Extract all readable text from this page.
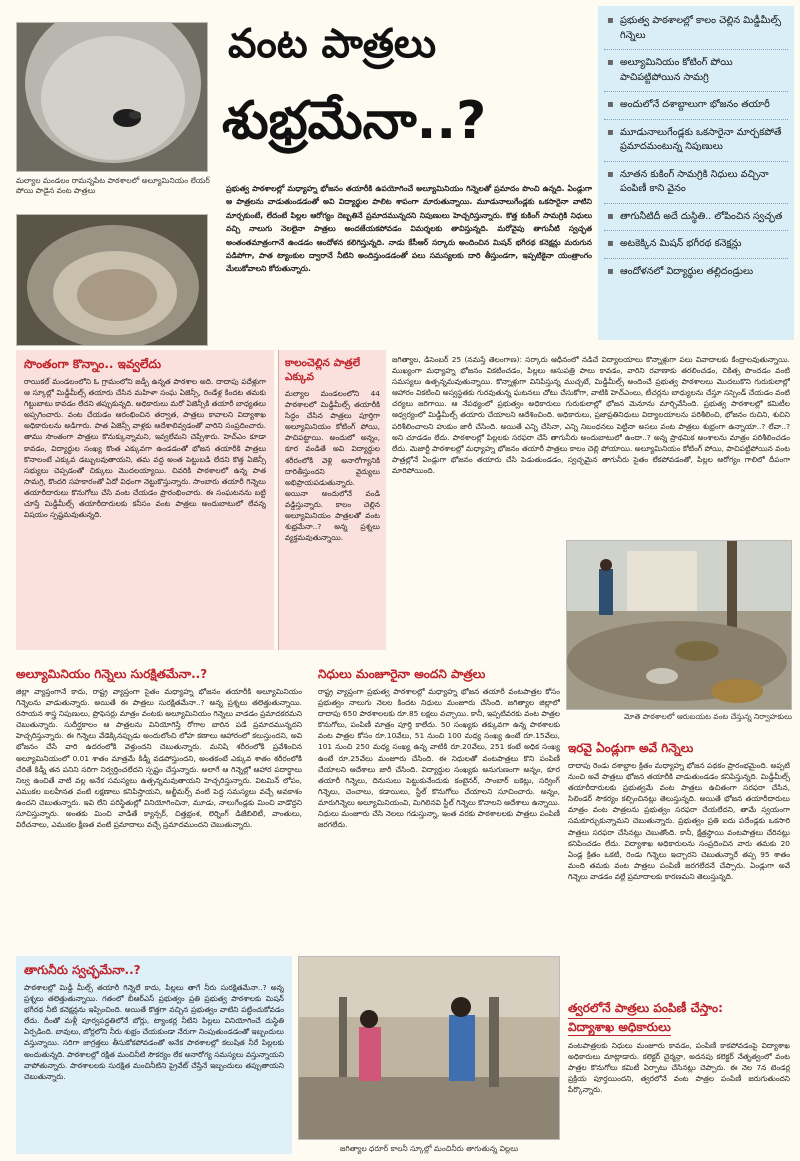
మల్యాల మండలం రామన్నపేట పాఠశాలలో అల్యూమినియం లేయర్ పోయి పాడైన వంట పాత్రలు
వంట పాత్రలు
శుభ్రమేనా..?
▪ ప్రభుత్వ పాఠశాలల్లో కాలం చెల్లిన మిడ్డీమీల్స్ గిన్నెలు
▪ అల్యూమినియం కోటింగ్ పోయి పాచిపట్టిపోయిన సామగ్రి
▪ అందులోనే దశాబ్దాలుగా భోజనం తయారీ
▪ మూడునాలుగేండ్లకు ఒకసారైనా మార్చకపోతే ప్రమాదమంటున్న నిపుణులు
▪ నూతన కుకింగ్ సామగ్రికి నిధులు వచ్చినా పంపిణీ కాని వైనం
▪ తాగునీటిదీ అదే దుస్థితి.. లోపించిన స్వచ్ఛత
▪ అటకెక్కిన మిషన్ భగీరథ కనెక్షన్లు
▪ ఆందోళనలో విద్యార్థుల తల్లిదండ్రులు
ప్రభుత్వ పాఠశాలల్లో మధ్యాహ్న భోజనం తయారీకి ఉపయోగించే అల్యూమినియం గిన్నెలతో ప్రమాదం పొంచి ఉన్నది. ఏండ్లుగా ఆ పాత్రలను వాడుతుండడంతో అవి విద్యార్థుల పాలిట శాపంగా మారుతున్నాయి. మూడునాలుగేండ్లకు ఒకసారైనా వాటిని మార్చకుంటే, లేదంటే పిల్లల ఆరోగ్యం దెబ్బతినే ప్రమాదమున్నదని నిపుణులు హెచ్చరిస్తున్నారు. కొత్త కుకింగ్ సామగ్రికి నిధులు వచ్చి నాలుగు నెలలైనా పాత్రలు అందజేయకపోవడం విమర్శలకు తావిస్తున్నది. మరోవైపు తాగునీటి స్వచ్ఛత అంతంతమాత్రంగానే ఉండడం ఆందోళన కలిగిస్తున్నది. నాడు కేసీఆర్ సర్కారు అందించిన మిషన్ భగీరథ కనెక్షన్లు మరుగున పడిపోగా, పాత ట్యాంకుల ద్వారానే నీటిని అందిస్తుండడంతో పలు సమస్యలకు దారి తీస్తుండగా, ఇప్పటికైనా యంత్రాంగం మేలుకోవాలని కోరుతున్నారు.
సొంతంగా కొన్నాం.. ఇవ్వలేదు
రాయికల్ మండలంలోని ఓ గ్రామంలోని జడ్పీ ఉన్నత పాఠశాల అది. దాదాపు పదేళ్లుగా ఆ స్కూల్లో మిడ్డీమీల్స్ తయారు చేసిన మహిళా సంఘ ఏజెన్సీ, రెండేళ్ల కిందట తమకు గిట్టుబాటు కావడం లేదని తప్పుకున్నది. అధికారులు మరో ఏజెన్సీకి తయారీ బాధ్యతలు అప్పగించారు. వంట చేయడం ఆరంభించిన తర్వాత, పాత్రలు కావాలని విద్యాశాఖ అధికారులను అడిగారు. పాత ఏజెన్సీ వాళ్లకు ఆదేశాలివ్వడంతో వారిని సంప్రదించారు. తాము సొంతంగా పాత్రలు కొనుక్కున్నామని, ఇవ్వలేమని చెప్పేశారు. హెచ్ఎం కూడా కావడం, విద్యార్థుల సంఖ్య కొంత ఎక్కువగా ఉండడంతో భోజన తయారీకి పాత్రలు కొనాలంటే ఎక్కువ డబ్బులవుతాయని, తమ వద్ద అంత పెట్టుబడి లేదని కొత్త ఏజెన్సీ సభ్యులు చెప్పడంతో చిక్కులు మొదలయ్యాయి. చివరికి పాఠశాలలో ఉన్న పాత సామగ్రి, కొందరి సహకారంతో ఏదో విధంగా నెట్టుకొస్తున్నారు. సాంబారు తయారీ గిన్నెలు తయారీదారులు కొనుగోలు చేసి వంట చేయడం ప్రారంభించారు. ఈ సంఘటనను బట్టి చూస్తే మిడ్డీమీల్స్ తయారీదారులకు కనీసం వంట పాత్రలు అందుబాటులో లేవన్న విషయం స్పష్టమవుతున్నది.
కాలంచెల్లిన పాత్రలే ఎక్కువ
మల్యాల మండలంలోని 44 పాఠశాలలో మిడ్డీమీల్స్ తయారీకి సిద్ధం చేసిన పాత్రలు పూర్తిగా అల్యూమినియం కోటింగ్ పోయి, పాచిపట్టాయి. అందులో అన్నం, కూర వండితే అవి విద్యార్థుల శరీరంలోకి వెళ్లి అనారోగ్యానికి దారితీస్తుందని వైద్యులు అభిప్రాయపడుతున్నారు. అయినా అందులోనే వండి వడ్డిస్తున్నారు. కాలం చెల్లిన అల్యూమినియం పాత్రలతో వంట శుభ్రమేనా..? అన్న ప్రశ్నలు వ్యక్తమవుతున్నాయి.
జగిత్యాల, డిసెంబర్ 25 (నమస్తే తెలంగాణ): సర్కారు ఆధీనంలో నడిచే విద్యాలయాలు కొన్నాళ్లుగా పలు వివాదాలకు కేంద్రాలవుతున్నాయి. ముఖ్యంగా మధ్యాహ్న భోజనం వికటించడం, పిల్లలు ఆసుపత్రి పాలు కావడం, వారిని రవాణాకు తరలించడం, చికిత్స పొందడం వంటి సమస్యలు ఉత్పన్నమవుతున్నాయి. కొన్నాళ్లుగా వినిపిస్తున్న ముచ్చటే, మిడ్డీమీల్స్ అందించే ప్రభుత్వ పాఠశాలలు మొదలుకొని గురుకులాల్లో ఆహారం వికటించి అస్వస్థతకు గురవుతున్న ఘటనలు చోటు చేసుకోగా, వాటికి హెచ్ఎంలు, టీచర్లను బాధ్యులను చేస్తూ సస్పెండ్ చేయడం వంటి చర్యలు జరిగాయి. ఆ నేపథ్యంలో ప్రభుత్వం అధికారులు గురుకులాల్లో భోజన మెనూను మార్చివేసింది. ప్రభుత్వ పాఠశాలల్లో కమిటీల ఆధ్వర్యంలో మిడ్డీమీల్స్ తయారు చేయాలని ఆదేశించింది. అధికారులు, ప్రజాప్రతినిధులు విద్యాలయాలను పరిశీలించి, భోజనం రుచిని, శుచిని పరిశీలించాలని హుకుం జారీ చేసింది. అయితే ఎన్ని చేసినా, ఎన్ని నిబంధనలు పెట్టినా అసలు వంట పాత్రలు శుభ్రంగా ఉన్నాయా..? లేవా..? అని చూడడం లేదు. పాఠశాలల్లో పిల్లలకు సరఫరా చేసే తాగునీరు అందుబాటులో ఉందా..? అన్న ప్రాథమిక అంశాలను మాత్రం పరిశీలించడం లేదు. మెజార్టీ పాఠశాలల్లో మధ్యాహ్న భోజనం తయారీ పాత్రలు కాలం చెల్లి పోయాయి. అల్యూమినియం కోటింగ్ పోయి, పాచిపట్టిపోయిన వంట పాత్రల్లోనే ఏండ్లుగా భోజనం తయారు చేసి పెడుతుండడం, స్వచ్ఛమైన తాగునీరు సైతం లేకపోవడంతో, పిల్లల ఆరోగ్యం గాలిలో దీపంగా మారిపోయింది.
మోతె పాఠశాలలో ఆరుబయట వంట చేస్తున్న నిర్వాహకులు
అల్యూమినియం గిన్నెలు సురక్షితమేనా..?
జిల్లా వ్యాప్తంగానే కాదు, రాష్ట్ర వ్యాప్తంగా సైతం మధ్యాహ్న భోజనం తయారీకి అల్యూమినియం గిన్నెలను వాడుతున్నారు. అయితే ఈ పాత్రలు సురక్షితమేనా..? అన్న ప్రశ్నలు తలెత్తుతున్నాయి. రసాయన శాస్త్ర నిపుణులు, ప్రొఫెసర్లు మాత్రం వంటకు అల్యూమినియం గిన్నెలు వాడడం ప్రమాదకరమని చెబుతున్నారు. సుదీర్ఘకాలం ఆ పాత్రలను వినియోగిస్తే రోగాల బారిన పడే ప్రమాదమున్నదని హెచ్చరిస్తున్నారు. ఈ గిన్నెలు వేడెక్కినప్పుడు అందులోంచి లోహ కణాలు ఆహారంలో కలుస్తుందని, అవి భోజనం చేసే వారి ఉదరంలోకి వెళ్తుందని చెబుతున్నారు. మనిషి శరీరంలోకి ప్రవేశించిన అల్యూమినియంలో 0.01 శాతం మాత్రమే కిడ్నీ వడపోస్తుందని, అంతకంటే ఎక్కువ శాతం శరీరంలోకి చేరితే కిడ్నీ తన పనిని సరిగా నిర్వర్తించలేదని స్పష్టం చేస్తున్నారు. అలాగే ఆ గిన్నెల్లో ఆహార పదార్థాలు నిల్వ ఉంచితే వాటి వల్ల అనేక సమస్యలు ఉత్పన్నమవుతాయని హెచ్చరిస్తున్నారు. విటమిన్ లోపం, ఎముకల బలహీనత వంటి లక్షణాలు కనిపిస్తాయని, అల్జీమర్స్ వంటి పెద్ద సమస్యలు వచ్చే అవకాశం ఉందని చెబుతున్నారు. ఇవి లేని పరిస్థితుల్లో వినియోగించినా, మూడు, నాలుగేండ్లకు మించి వాడొద్దని సూచిస్తున్నారు. అంతకు మించి వాడితే క్యాన్సర్, చిత్తభ్రంశ, లెర్నింగ్ డిజేబిలిటీ, వాంతులు, విరేచనాలు, ఎముకల క్షీణత వంటి ప్రమాదాలు వచ్చే ప్రమాదముందని చెబుతున్నారు.
నిధులు మంజూరైనా అందని పాత్రలు
రాష్ట్ర వ్యాప్తంగా ప్రభుత్వ పాఠశాలల్లో మధ్యాహ్న భోజన తయారీ వంటపాత్రల కోసం ప్రభుత్వం నాలుగు నెలల కిందట నిధులు మంజూరు చేసింది. జగిత్యాల జిల్లాలో దాదాపు 650 పాఠశాలలకు రూ.85 లక్షలు వచ్చాయి. కానీ, ఇప్పటివరకు వంట పాత్రల కొనుగోలు, పంపిణీ మాత్రం పూర్తి కాలేదు. 50 సంఖ్యకు తక్కువగా ఉన్న పాఠశాలకు వంట పాత్రల కోసం రూ.10వేలు, 51 నుంచి 100 మధ్య సంఖ్య ఉంటే రూ.15వేలు, 101 నుంచి 250 మధ్య సంఖ్య ఉన్న వాటికి రూ.20వేలు, 251 కంటే అధిక సంఖ్య ఉంటే రూ.25వేలు మంజూరు చేసింది. ఈ నిధులతో వంటపాత్రలు కొని పంపిణీ చేయాలని ఆదేశాలు జారీ చేసింది. విద్యార్థుల సంఖ్యకు అనుగుణంగా అన్నం, కూర తయారీ గిన్నెలు, దినుసులు పెట్టుకునేందుకు కంటైనర్, సాంబార్ బకెట్లు, సర్వింగ్ గిన్నెలు, చెంచాలు, కడాయిలు, స్టీల్ కొనుగోలు చేయాలని సూచించారు. అన్నం, మారుగిన్నెలు అల్యూమినియంవి, మిగిలినవి స్టీల్ గిన్నెలు కొనాలని ఆదేశాలు ఉన్నాయి. నిధులు మంజూరు చేసి నెలలు గడుస్తున్నా, ఇంత వరకు పాఠశాలలకు పాత్రలు పంపిణీ జరగలేదు.
ఇరవై ఏండ్లుగా అవే గిన్నెలు
దాదాపు రెండు దశాబ్దాల క్రితం మధ్యాహ్న భోజన పథకం ప్రారంభమైంది. అప్పటి నుంచి అవే పాత్రలు భోజన తయారీకి వాడుతుండడం కనిపిస్తున్నది. మిడ్డీమీల్స్ తయారీదారులకు ప్రభుత్వమే వంట పాత్రలు ఉచితంగా సరఫరా చేసిన, సిలిండర్ సౌకర్యం కల్పించినట్లు తెలుస్తున్నది. అయితే భోజన తయారీదారులు మాత్రం వంట పాత్రలను ప్రభుత్వం సరఫరా చేయలేదని, తామే స్వయంగా సమకూర్చుకున్నామని చెబుతున్నారు. ప్రభుత్వం ప్రతి ఐదు పదేండ్లకు ఒకసారి పాత్రలు సరఫరా చేసినట్లు చెబుతోంది. కానీ, క్షేత్రస్థాయి వంటపాత్రలు చేరినట్లు కనిపించడం లేదు. విద్యాశాఖ అధికారులను సంప్రదించిన వారు తమకు 20 ఏండ్ల క్రితం ఒకటి, రెండు గిన్నెలు ఇచ్చారని చెబుతున్నారే తప్ప 95 శాతం మంది తమకు వంట పాత్రలు పంపిణీ జరగలేదనే చేప్పారు. ఏండ్లుగా అవే గిన్నెలు వాడడం వల్లే ప్రమాదాలకు కారణమని తెలుస్తున్నది.
తాగునీరు స్వచ్ఛమేనా..?
పాఠశాలల్లో మిడ్డీ మీల్స్ తయారీ గిన్నెలే కాదు, పిల్లలు తాగే నీరు సురక్షితమేనా..? అన్న ప్రశ్నలు తలెత్తుతున్నాయి. గతంలో బీఆర్ఎస్ ప్రభుత్వం ప్రతి ప్రభుత్వ పాఠశాలకు మిషన్ భగీరథ నీటి కనెక్షన్లను ఇప్పించింది. అయితే కొత్తగా వచ్చిన ప్రభుత్వం వాటిని పట్టించుకోవడం లేదు. దీంతో మళ్లీ పూర్వపద్ధతిలోనే బోర్లు, ట్యాంకర్ల నీటిని పిల్లలు వినియోగించే దుస్థితి ఏర్పడింది. బావులు, బోర్లలోని నీరు శుభ్రం చేయకుండా నేరుగా నింపుతుండడంతో ఇబ్బందులు వస్తున్నాయి. సరిగా జాగ్రత్తలు తీసుకోకపోవడంతో అనేక పాఠశాలల్లో కలుషిత నీరే పిల్లలకు అందుతున్నది. పాఠశాలల్లో రక్షిత మంచినీటి సౌకర్యం లేక అనారోగ్య సమస్యలు వస్తున్నాయని వాపోతున్నారు. పాఠశాలలకు సురక్షిత మంచినీటిని ప్రైవేట్ చేస్తేనే ఇబ్బందులు తప్పుతాయని చెబుతున్నారు.
జగిత్యాల ధరూర్ కాలనీ స్కూల్లో మంచినీరు తాగుతున్న విల్లలు
త్వరలోనే పాత్రలు పంపిణీ చేస్తాం:
విద్యాశాఖ అధికారులు
వంటపాత్రలకు నిధులు మంజూరు కావడం, పంపిణీ కాకపోవడంపై విద్యాశాఖ అధికారులు మాట్లాడారు. కలెక్టర్ చైర్మన్గా, అదనపు కలెక్టర్ నేతృత్వంలో వంట పాత్రల కొనుగోలు కమిటీ ఏర్పాటు చేసినట్లు చెప్పారు. ఈ నెల 7న టెండర్ల ప్రక్రియ పూర్తయిందని, త్వరలోనే వంట పాత్రల పంపిణీ జరుగుతుందని పేర్కొన్నారు.
